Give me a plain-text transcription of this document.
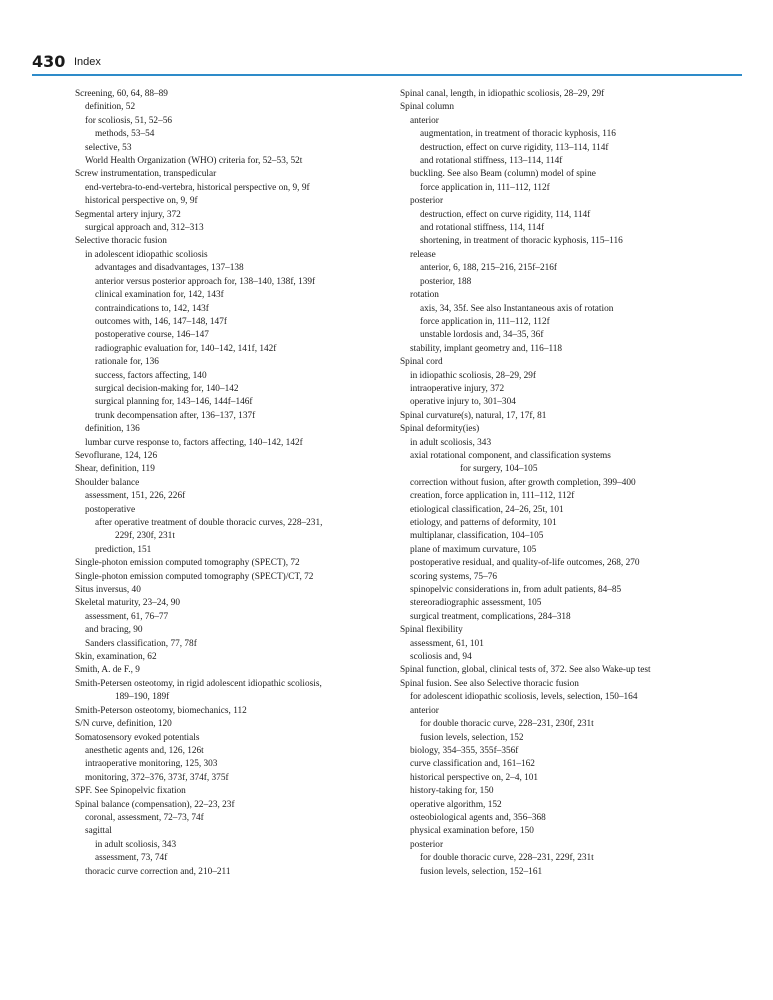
430 Index
Screening, 60, 64, 88–89
definition, 52
for scoliosis, 51, 52–56
methods, 53–54
selective, 53
World Health Organization (WHO) criteria for, 52–53, 52t
Screw instrumentation, transpedicular
end-vertebra-to-end-vertebra, historical perspective on, 9, 9f
historical perspective on, 9, 9f
Segmental artery injury, 372
surgical approach and, 312–313
Selective thoracic fusion
in adolescent idiopathic scoliosis
advantages and disadvantages, 137–138
anterior versus posterior approach for, 138–140, 138f, 139f
clinical examination for, 142, 143f
contraindications to, 142, 143f
outcomes with, 146, 147–148, 147f
postoperative course, 146–147
radiographic evaluation for, 140–142, 141f, 142f
rationale for, 136
success, factors affecting, 140
surgical decision-making for, 140–142
surgical planning for, 143–146, 144f–146f
trunk decompensation after, 136–137, 137f
definition, 136
lumbar curve response to, factors affecting, 140–142, 142f
Sevoflurane, 124, 126
Shear, definition, 119
Shoulder balance
assessment, 151, 226, 226f
postoperative
after operative treatment of double thoracic curves, 228–231,
229f, 230f, 231t
prediction, 151
Single-photon emission computed tomography (SPECT), 72
Single-photon emission computed tomography (SPECT)/CT, 72
Situs inversus, 40
Skeletal maturity, 23–24, 90
assessment, 61, 76–77
and bracing, 90
Sanders classification, 77, 78f
Skin, examination, 62
Smith, A. de F., 9
Smith-Petersen osteotomy, in rigid adolescent idiopathic scoliosis,
189–190, 189f
Smith-Peterson osteotomy, biomechanics, 112
S/N curve, definition, 120
Somatosensory evoked potentials
anesthetic agents and, 126, 126t
intraoperative monitoring, 125, 303
monitoring, 372–376, 373f, 374f, 375f
SPF. See Spinopelvic fixation
Spinal balance (compensation), 22–23, 23f
coronal, assessment, 72–73, 74f
sagittal
in adult scoliosis, 343
assessment, 73, 74f
thoracic curve correction and, 210–211
Spinal canal, length, in idiopathic scoliosis, 28–29, 29f
Spinal column
anterior
augmentation, in treatment of thoracic kyphosis, 116
destruction, effect on curve rigidity, 113–114, 114f
and rotational stiffness, 113–114, 114f
buckling. See also Beam (column) model of spine
force application in, 111–112, 112f
posterior
destruction, effect on curve rigidity, 114, 114f
and rotational stiffness, 114, 114f
shortening, in treatment of thoracic kyphosis, 115–116
release
anterior, 6, 188, 215–216, 215f–216f
posterior, 188
rotation
axis, 34, 35f. See also Instantaneous axis of rotation
force application in, 111–112, 112f
unstable lordosis and, 34–35, 36f
stability, implant geometry and, 116–118
Spinal cord
in idiopathic scoliosis, 28–29, 29f
intraoperative injury, 372
operative injury to, 301–304
Spinal curvature(s), natural, 17, 17f, 81
Spinal deformity(ies)
in adult scoliosis, 343
axial rotational component, and classification systems
for surgery, 104–105
correction without fusion, after growth completion, 399–400
creation, force application in, 111–112, 112f
etiological classification, 24–26, 25t, 101
etiology, and patterns of deformity, 101
multiplanar, classification, 104–105
plane of maximum curvature, 105
postoperative residual, and quality-of-life outcomes, 268, 270
scoring systems, 75–76
spinopelvic considerations in, from adult patients, 84–85
stereoradiographic assessment, 105
surgical treatment, complications, 284–318
Spinal flexibility
assessment, 61, 101
scoliosis and, 94
Spinal function, global, clinical tests of, 372. See also Wake-up test
Spinal fusion. See also Selective thoracic fusion
for adolescent idiopathic scoliosis, levels, selection, 150–164
anterior
for double thoracic curve, 228–231, 230f, 231t
fusion levels, selection, 152
biology, 354–355, 355f–356f
curve classification and, 161–162
historical perspective on, 2–4, 101
history-taking for, 150
operative algorithm, 152
osteobiological agents and, 356–368
physical examination before, 150
posterior
for double thoracic curve, 228–231, 229f, 231t
fusion levels, selection, 152–161
